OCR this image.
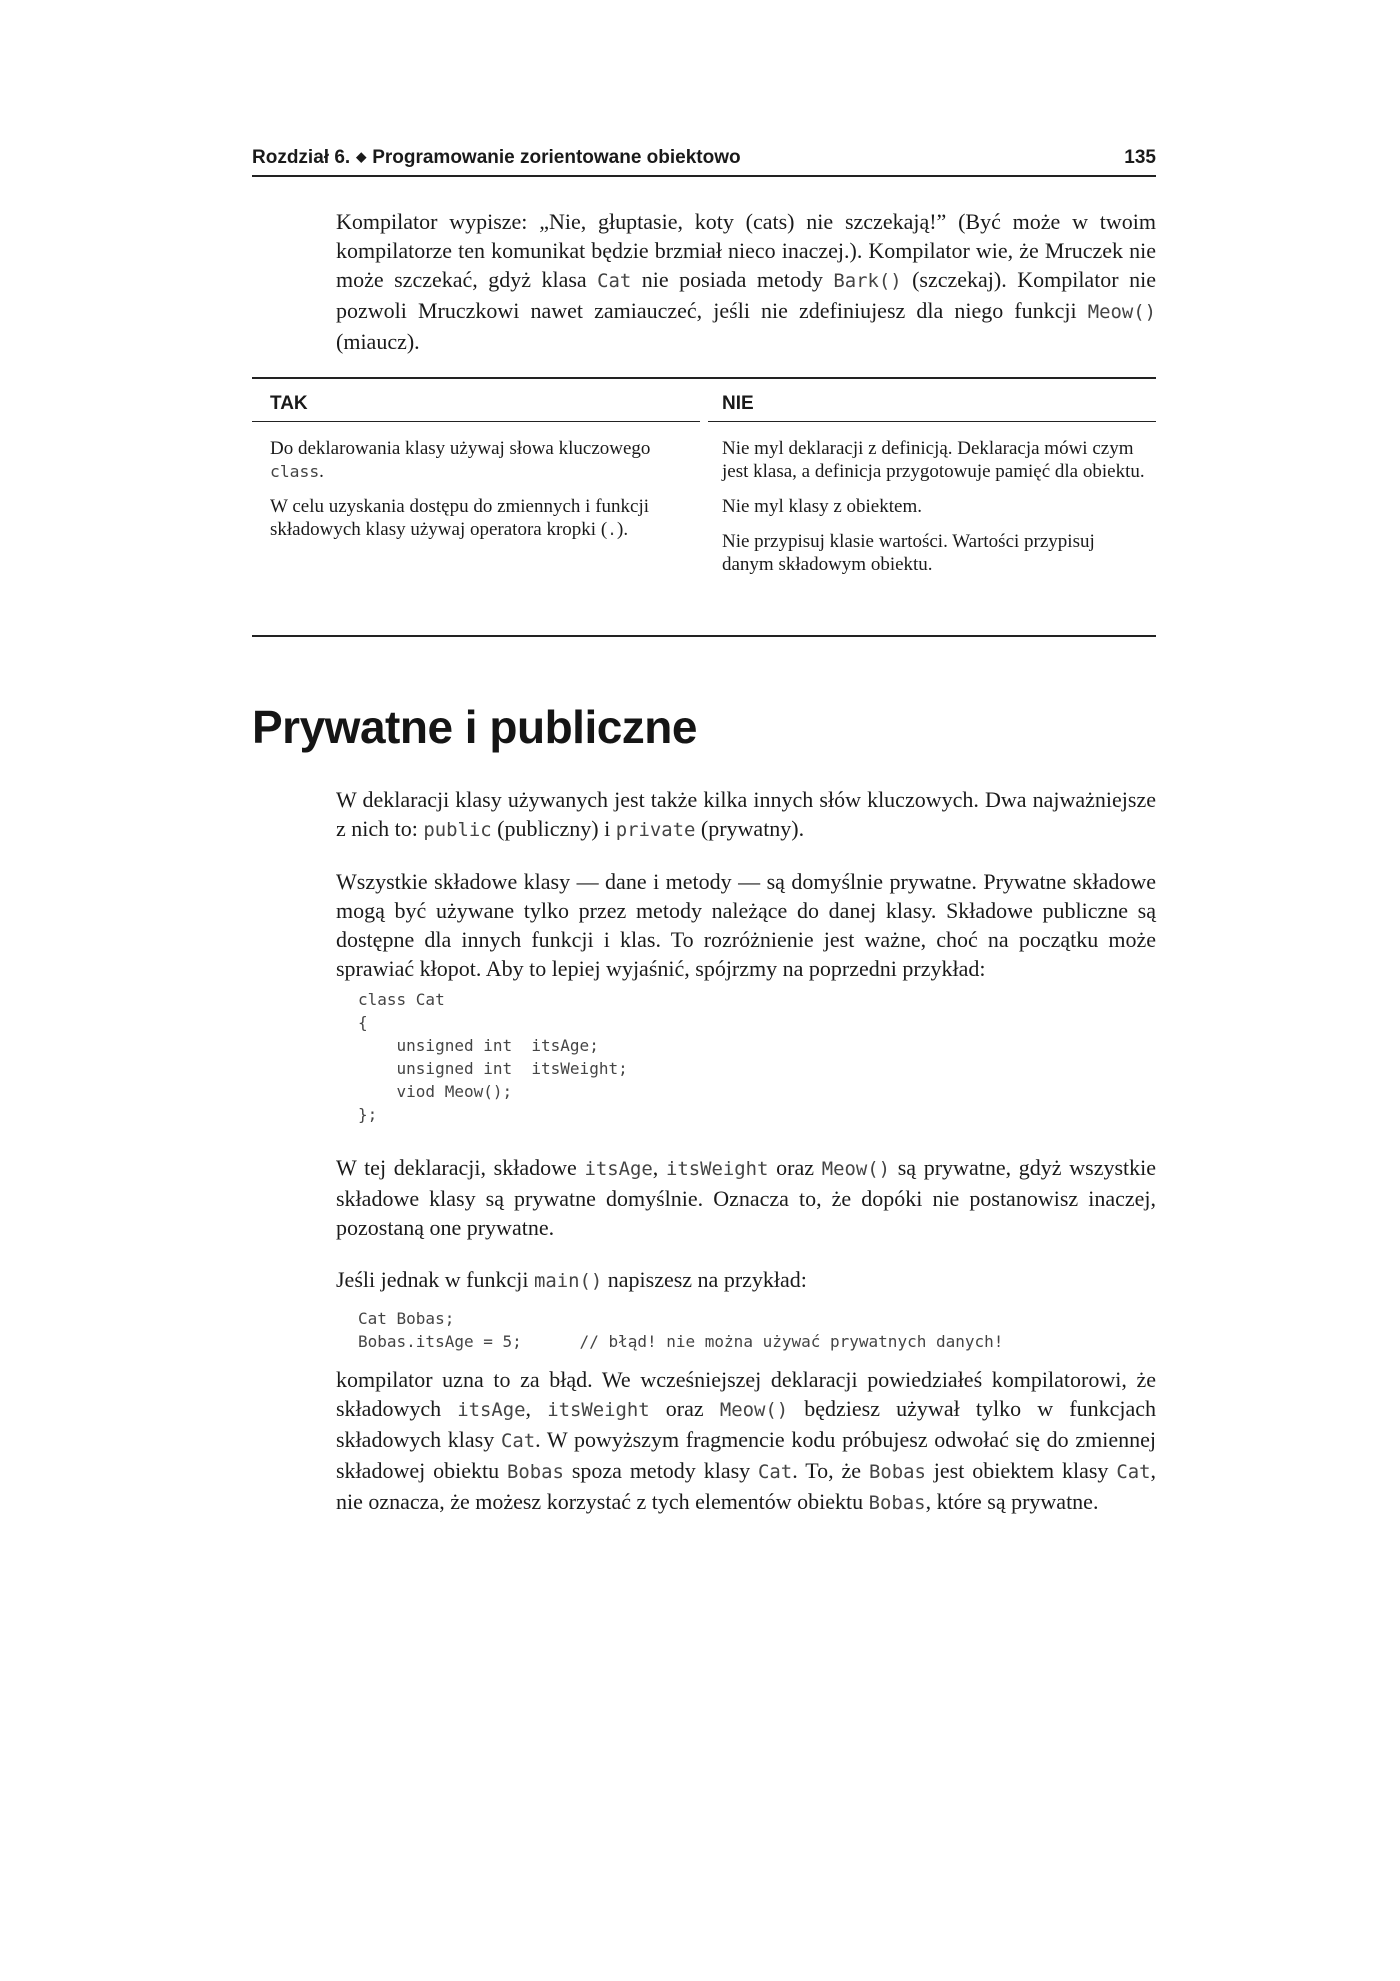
Rozdział 6. ◆ Programowanie zorientowane obiektowo	135

Kompilator wypisze: „Nie, głuptasie, koty (cats) nie szczekają!” (Być może w twoim kompilatorze ten komunikat będzie brzmiał nieco inaczej.). Kompilator wie, że Mruczek nie może szczekać, gdyż klasa Cat nie posiada metody Bark() (szczekaj). Kompilator nie pozwoli Mruczkowi nawet zamiauczeć, jeśli nie zdefiniujesz dla niego funkcji Meow() (miaucz).

TAK	NIE

Do deklarowania klasy używaj słowa kluczowego class.

W celu uzyskania dostępu do zmiennych i funkcji składowych klasy używaj operatora kropki (.).

Nie myl deklaracji z definicją. Deklaracja mówi czym jest klasa, a definicja przygotowuje pamięć dla obiektu.

Nie myl klasy z obiektem.

Nie przypisuj klasie wartości. Wartości przypisuj danym składowym obiektu.

Prywatne i publiczne

W deklaracji klasy używanych jest także kilka innych słów kluczowych. Dwa najważniejsze z nich to: public (publiczny) i private (prywatny).

Wszystkie składowe klasy — dane i metody — są domyślnie prywatne. Prywatne składowe mogą być używane tylko przez metody należące do danej klasy. Składowe publiczne są dostępne dla innych funkcji i klas. To rozróżnienie jest ważne, choć na początku może sprawiać kłopot. Aby to lepiej wyjaśnić, spójrzmy na poprzedni przykład:

class Cat
{
unsigned int  itsAge;
unsigned int  itsWeight;
viod Meow();
};

W tej deklaracji, składowe itsAge, itsWeight oraz Meow() są prywatne, gdyż wszystkie składowe klasy są prywatne domyślnie. Oznacza to, że dopóki nie postanowisz inaczej, pozostaną one prywatne.

Jeśli jednak w funkcji main() napiszesz na przykład:

Cat Bobas;
Bobas.itsAge = 5;      // błąd! nie można używać prywatnych danych!

kompilator uzna to za błąd. We wcześniejszej deklaracji powiedziałeś kompilatorowi, że składowych itsAge, itsWeight oraz Meow() będziesz używał tylko w funkcjach składowych klasy Cat. W powyższym fragmencie kodu próbujesz odwołać się do zmiennej składowej obiektu Bobas spoza metody klasy Cat. To, że Bobas jest obiektem klasy Cat, nie oznacza, że możesz korzystać z tych elementów obiektu Bobas, które są prywatne.
